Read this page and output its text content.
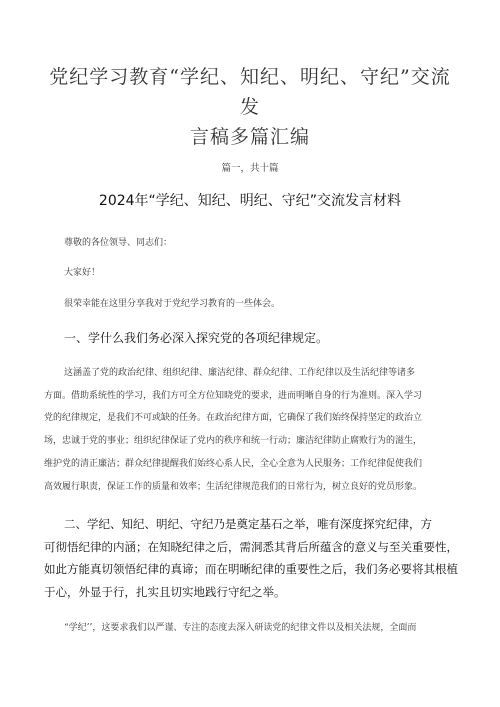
党纪学习教育“学纪、知纪、明纪、守纪”交流发
言稿多篇汇编
篇一，共十篇
2024年“学纪、知纪、明纪、守纪”交流发言材料
尊敬的各位领导、同志们：
大家好！
很荣幸能在这里分享我对于党纪学习教育的一些体会。
一、学什么我们务必深入探究党的各项纪律规定。
这涵盖了党的政治纪律、组织纪律、廉洁纪律、群众纪律、工作纪律以及生活纪律等诸多
方面。借助系统性的学习，我们方可全方位知晓党的要求，进而明晰自身的行为准则。深入学习
党的纪律规定，是我们不可或缺的任务。在政治纪律方面，它确保了我们始终保持坚定的政治立
场，忠诚于党的事业；组织纪律保证了党内的秩序和统一行动；廉洁纪律防止腐败行为的滋生，
维护党的清正廉洁；群众纪律提醒我们始终心系人民，全心全意为人民服务；工作纪律促使我们
高效履行职责，保证工作的质量和效率；生活纪律规范我们的日常行为，树立良好的党员形象。
二、学纪、知纪、明纪、守纪乃是奠定基石之举，唯有深度探究纪律，方
可彻悟纪律的内涵；在知晓纪律之后，需洞悉其背后所蕴含的意义与至关重要性，
如此方能真切领悟纪律的真谛；而在明晰纪律的重要性之后，我们务必要将其根植
于心，外显于行，扎实且切实地践行守纪之举。
“学纪’’，这要求我们以严谨、专注的态度去深入研读党的纪律文件以及相关法规，全面而
